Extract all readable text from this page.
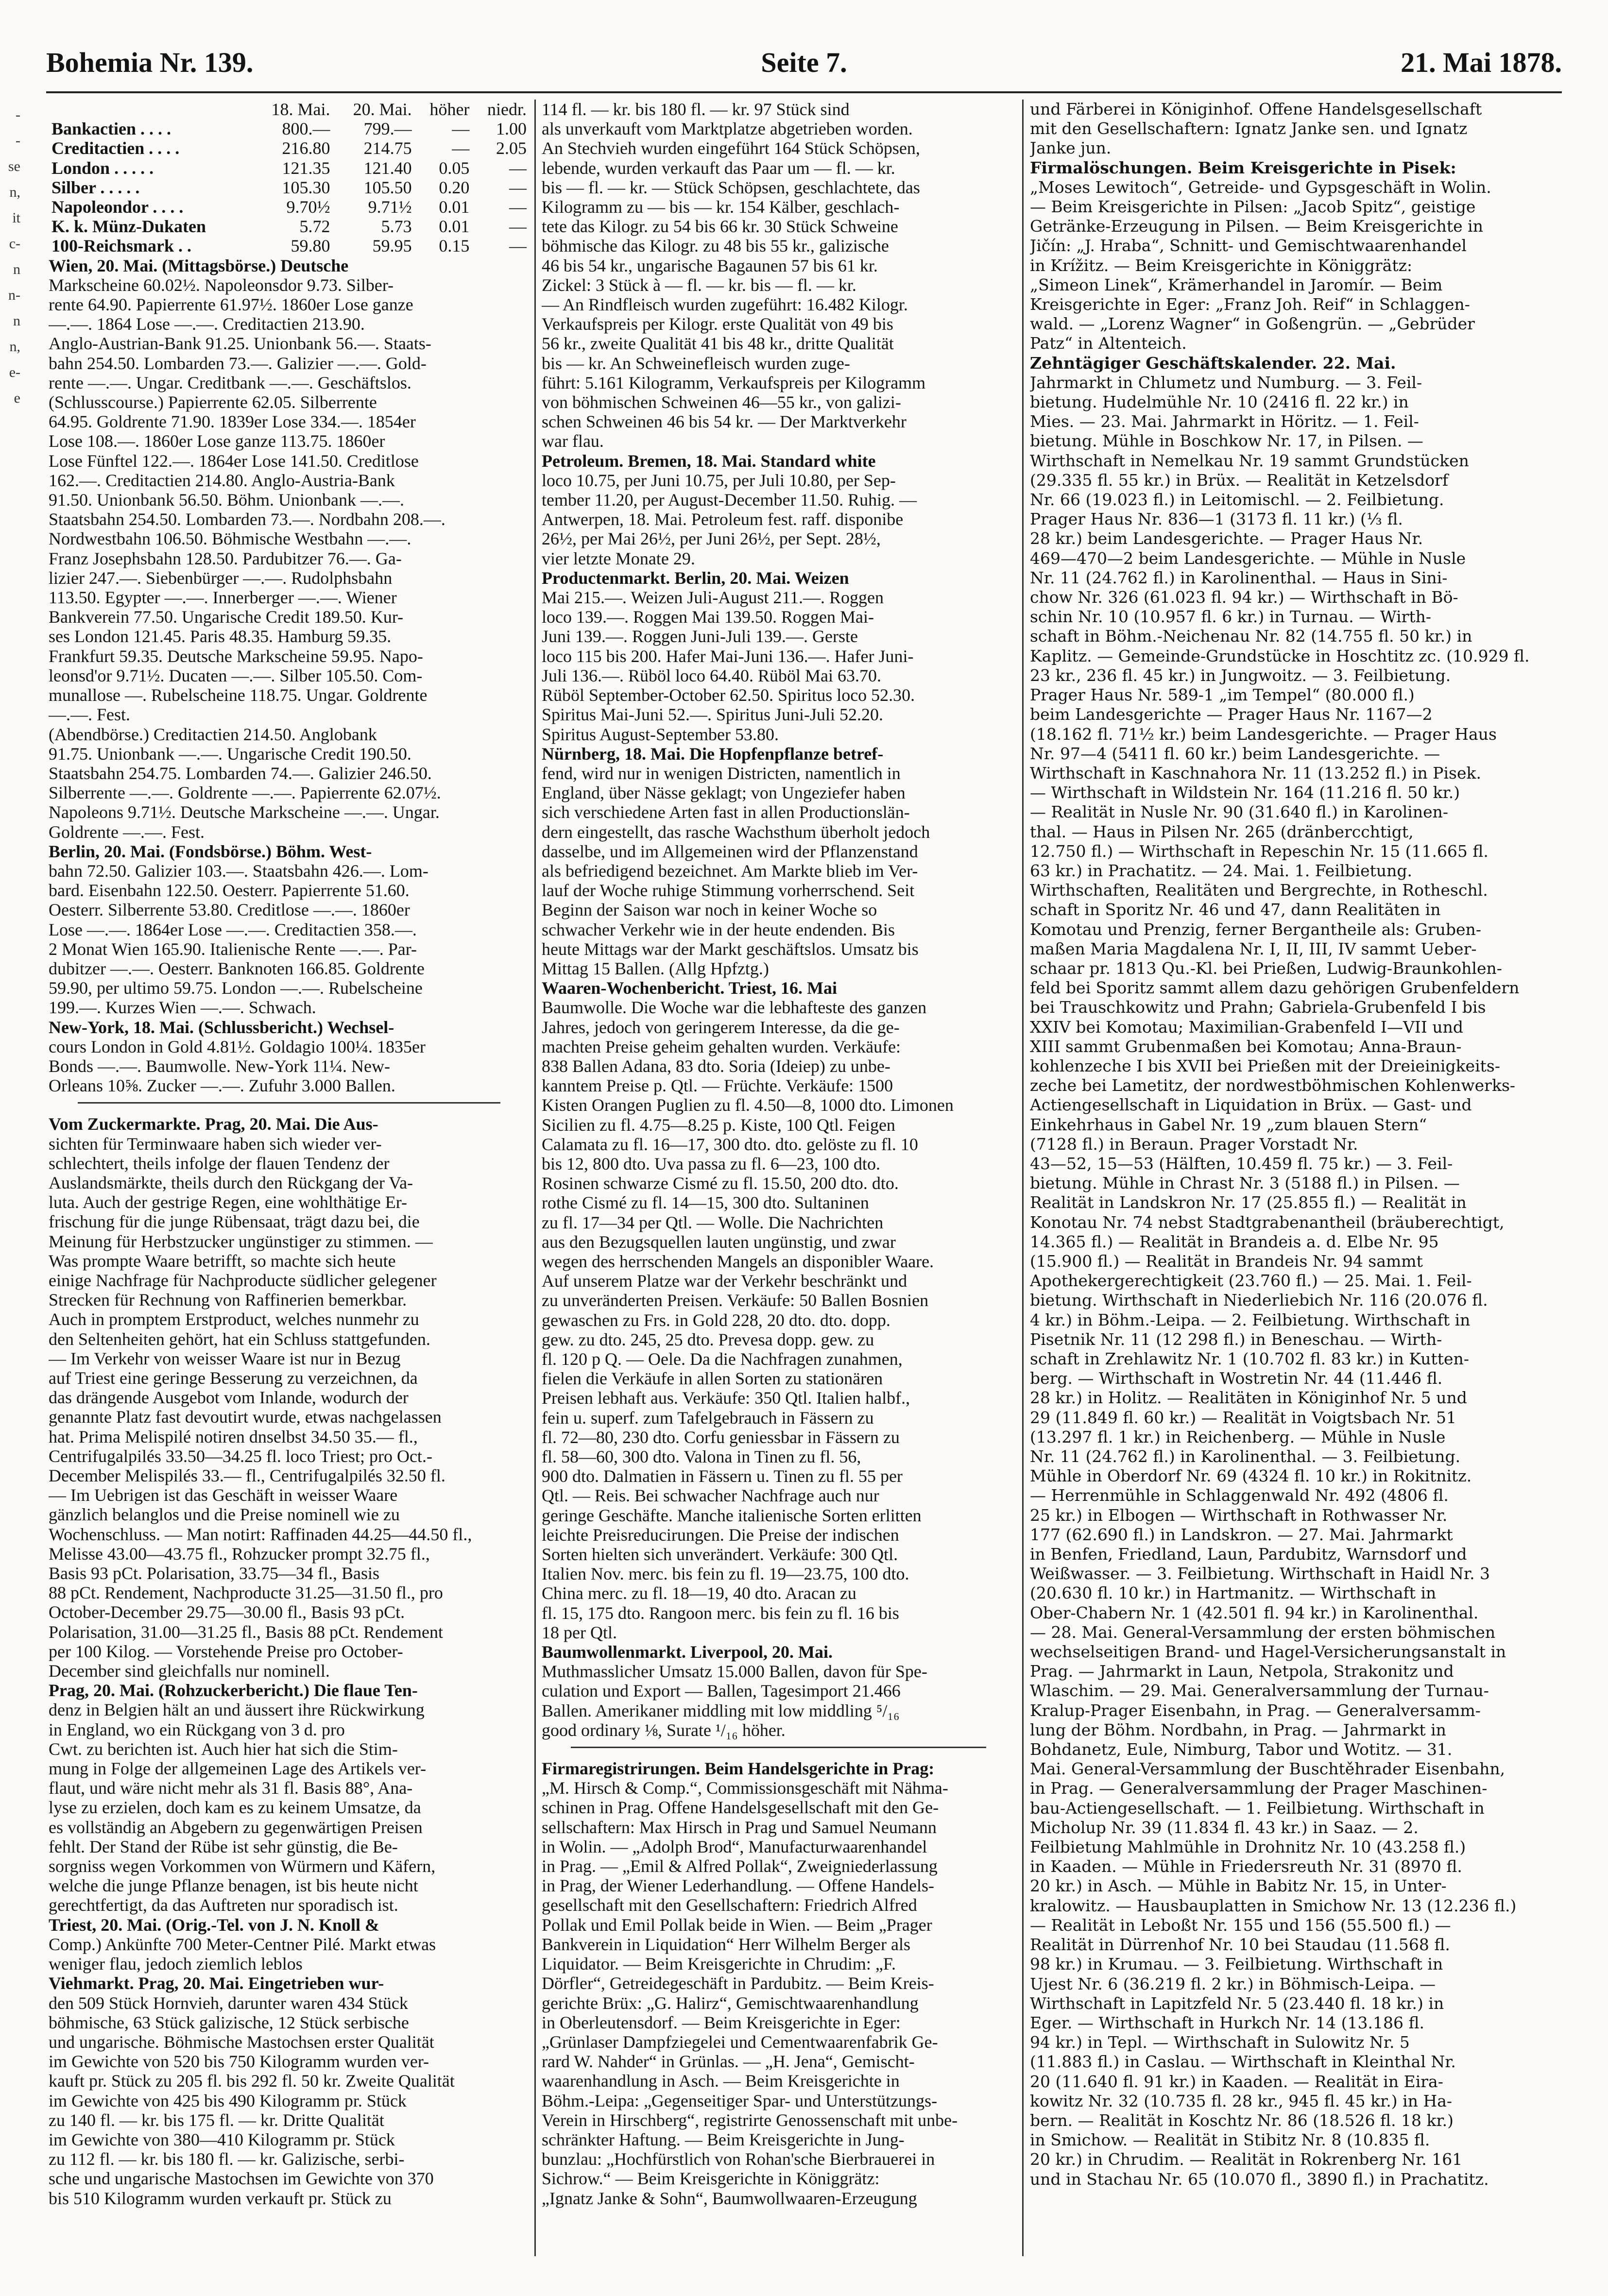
-
-
se
n,
it
c-
n
n-
n
n,
e-
e
Bohemia Nr. 139.	Seite 7.	21. Mai 1878.
	18. Mai.	20. Mai.	höher	niedr.
Bankactien . . . .	800.—	799.—	—	1.00
Creditactien . . . .	216.80	214.75	—	2.05
London . . . . .	121.35	121.40	0.05	—
Silber . . . . .	105.30	105.50	0.20	—
Napoleondor . . . .	9.70½	9.71½	0.01	—
K. k. Münz-Dukaten	5.72	5.73	0.01	—
100-Reichsmark . .	59.80	59.95	0.15	—
Wien, 20. Mai. (Mittagsbörse.) Deutsche
Markscheine 60.02½. Napoleonsdor 9.73. Silber-
rente 64.90. Papierrente 61.97½. 1860er Lose ganze
—.—. 1864 Lose —.—. Creditactien 213.90.
Anglo-Austrian-Bank 91.25. Unionbank 56.—. Staats-
bahn 254.50. Lombarden 73.—. Galizier —.—. Gold-
rente —.—. Ungar. Creditbank —.—. Geschäftslos.
(Schlusscourse.) Papierrente 62.05. Silberrente
64.95. Goldrente 71.90. 1839er Lose 334.—. 1854er
Lose 108.—. 1860er Lose ganze 113.75. 1860er
Lose Fünftel 122.—. 1864er Lose 141.50. Creditlose
162.—. Creditactien 214.80. Anglo-Austria-Bank
91.50. Unionbank 56.50. Böhm. Unionbank —.—.
Staatsbahn 254.50. Lombarden 73.—. Nordbahn 208.—.
Nordwestbahn 106.50. Böhmische Westbahn —.—.
Franz Josephsbahn 128.50. Pardubitzer 76.—. Ga-
lizier 247.—. Siebenbürger —.—. Rudolphsbahn
113.50. Egypter —.—. Innerberger —.—. Wiener
Bankverein 77.50. Ungarische Credit 189.50. Kur-
ses London 121.45. Paris 48.35. Hamburg 59.35.
Frankfurt 59.35. Deutsche Markscheine 59.95. Napo-
leonsd'or 9.71½. Ducaten —.—. Silber 105.50. Com-
munallose —. Rubelscheine 118.75. Ungar. Goldrente
—.—. Fest.
(Abendbörse.) Creditactien 214.50. Anglobank
91.75. Unionbank —.—. Ungarische Credit 190.50.
Staatsbahn 254.75. Lombarden 74.—. Galizier 246.50.
Silberrente —.—. Goldrente —.—. Papierrente 62.07½.
Napoleons 9.71½. Deutsche Markscheine —.—. Ungar.
Goldrente —.—. Fest.
Berlin, 20. Mai. (Fondsbörse.) Böhm. West-
bahn 72.50. Galizier 103.—. Staatsbahn 426.—. Lom-
bard. Eisenbahn 122.50. Oesterr. Papierrente 51.60.
Oesterr. Silberrente 53.80. Creditlose —.—. 1860er
Lose —.—. 1864er Lose —.—. Creditactien 358.—.
2 Monat Wien 165.90. Italienische Rente —.—. Par-
dubitzer —.—. Oesterr. Banknoten 166.85. Goldrente
59.90, per ultimo 59.75. London —.—. Rubelscheine
199.—. Kurzes Wien —.—. Schwach.
New-York, 18. Mai. (Schlussbericht.) Wechsel-
cours London in Gold 4.81½. Goldagio 100¼. 1835er
Bonds —.—. Baumwolle. New-York 11¼. New-
Orleans 10⅝. Zucker —.—. Zufuhr 3.000 Ballen.
Vom Zuckermarkte. Prag, 20. Mai. Die Aus-
sichten für Terminwaare haben sich wieder ver-
schlechtert, theils infolge der flauen Tendenz der
Auslandsmärkte, theils durch den Rückgang der Va-
luta. Auch der gestrige Regen, eine wohlthätige Er-
frischung für die junge Rübensaat, trägt dazu bei, die
Meinung für Herbstzucker ungünstiger zu stimmen. —
Was prompte Waare betrifft, so machte sich heute
einige Nachfrage für Nachproducte südlicher gelegener
Strecken für Rechnung von Raffinerien bemerkbar.
Auch in promptem Erstproduct, welches nunmehr zu
den Seltenheiten gehört, hat ein Schluss stattgefunden.
— Im Verkehr von weisser Waare ist nur in Bezug
auf Triest eine geringe Besserung zu verzeichnen, da
das drängende Ausgebot vom Inlande, wodurch der
genannte Platz fast devoutirt wurde, etwas nachgelassen
hat. Prima Melispilé notiren dnselbst 34.50 35.— fl.,
Centrifugalpilés 33.50—34.25 fl. loco Triest; pro Oct.-
December Melispilés 33.— fl., Centrifugalpilés 32.50 fl.
— Im Uebrigen ist das Geschäft in weisser Waare
gänzlich belanglos und die Preise nominell wie zu
Wochenschluss. — Man notirt: Raffinaden 44.25—44.50 fl.,
Melisse 43.00—43.75 fl., Rohzucker prompt 32.75 fl.,
Basis 93 pCt. Polarisation, 33.75—34 fl., Basis
88 pCt. Rendement, Nachproducte 31.25—31.50 fl., pro
October-December 29.75—30.00 fl., Basis 93 pCt.
Polarisation, 31.00—31.25 fl., Basis 88 pCt. Rendement
per 100 Kilog. — Vorstehende Preise pro October-
December sind gleichfalls nur nominell.
Prag, 20. Mai. (Rohzuckerbericht.) Die flaue Ten-
denz in Belgien hält an und äussert ihre Rückwirkung
in England, wo ein Rückgang von 3 d. pro
Cwt. zu berichten ist. Auch hier hat sich die Stim-
mung in Folge der allgemeinen Lage des Artikels ver-
flaut, und wäre nicht mehr als 31 fl. Basis 88°, Ana-
lyse zu erzielen, doch kam es zu keinem Umsatze, da
es vollständig an Abgebern zu gegenwärtigen Preisen
fehlt. Der Stand der Rübe ist sehr günstig, die Be-
sorgniss wegen Vorkommen von Würmern und Käfern,
welche die junge Pflanze benagen, ist bis heute nicht
gerechtfertigt, da das Auftreten nur sporadisch ist.
Triest, 20. Mai. (Orig.-Tel. von J. N. Knoll &
Comp.) Ankünfte 700 Meter-Centner Pilé. Markt etwas
weniger flau, jedoch ziemlich leblos
Viehmarkt. Prag, 20. Mai. Eingetrieben wur-
den 509 Stück Hornvieh, darunter waren 434 Stück
böhmische, 63 Stück galizische, 12 Stück serbische
und ungarische. Böhmische Mastochsen erster Qualität
im Gewichte von 520 bis 750 Kilogramm wurden ver-
kauft pr. Stück zu 205 fl. bis 292 fl. 50 kr. Zweite Qualität
im Gewichte von 425 bis 490 Kilogramm pr. Stück
zu 140 fl. — kr. bis 175 fl. — kr. Dritte Qualität
im Gewichte von 380—410 Kilogramm pr. Stück
zu 112 fl. — kr. bis 180 fl. — kr. Galizische, serbi-
sche und ungarische Mastochsen im Gewichte von 370
bis 510 Kilogramm wurden verkauft pr. Stück zu
114 fl. — kr. bis 180 fl. — kr. 97 Stück sind
als unverkauft vom Marktplatze abgetrieben worden.
An Stechvieh wurden eingeführt 164 Stück Schöpsen,
lebende, wurden verkauft das Paar um — fl. — kr.
bis — fl. — kr. — Stück Schöpsen, geschlachtete, das
Kilogramm zu — bis — kr. 154 Kälber, geschlach-
tete das Kilogr. zu 54 bis 66 kr. 30 Stück Schweine
böhmische das Kilogr. zu 48 bis 55 kr., galizische
46 bis 54 kr., ungarische Bagaunen 57 bis 61 kr.
Zickel: 3 Stück à — fl. — kr. bis — fl. — kr.
— An Rindfleisch wurden zugeführt: 16.482 Kilogr.
Verkaufspreis per Kilogr. erste Qualität von 49 bis
56 kr., zweite Qualität 41 bis 48 kr., dritte Qualität
bis — kr. An Schweinefleisch wurden zuge-
führt: 5.161 Kilogramm, Verkaufspreis per Kilogramm
von böhmischen Schweinen 46—55 kr., von galizi-
schen Schweinen 46 bis 54 kr. — Der Marktverkehr
war flau.
Petroleum. Bremen, 18. Mai. Standard white
loco 10.75, per Juni 10.75, per Juli 10.80, per Sep-
tember 11.20, per August-December 11.50. Ruhig. —
Antwerpen, 18. Mai. Petroleum fest. raff. disponibe
26½, per Mai 26½, per Juni 26½, per Sept. 28½,
vier letzte Monate 29.
Productenmarkt. Berlin, 20. Mai. Weizen
Mai 215.—. Weizen Juli-August 211.—. Roggen
loco 139.—. Roggen Mai 139.50. Roggen Mai-
Juni 139.—. Roggen Juni-Juli 139.—. Gerste
loco 115 bis 200. Hafer Mai-Juni 136.—. Hafer Juni-
Juli 136.—. Rüböl loco 64.40. Rüböl Mai 63.70.
Rüböl September-October 62.50. Spiritus loco 52.30.
Spiritus Mai-Juni 52.—. Spiritus Juni-Juli 52.20.
Spiritus August-September 53.80.
Nürnberg, 18. Mai. Die Hopfenpflanze betref-
fend, wird nur in wenigen Districten, namentlich in
England, über Nässe geklagt; von Ungeziefer haben
sich verschiedene Arten fast in allen Productionslän-
dern eingestellt, das rasche Wachsthum überholt jedoch
dasselbe, und im Allgemeinen wird der Pflanzenstand
als befriedigend bezeichnet. Am Markte blieb im Ver-
lauf der Woche ruhige Stimmung vorherrschend. Seit
Beginn der Saison war noch in keiner Woche so
schwacher Verkehr wie in der heute endenden. Bis
heute Mittags war der Markt geschäftslos. Umsatz bis
Mittag 15 Ballen. (Allg Hpfztg.)
Waaren-Wochenbericht. Triest, 16. Mai
Baumwolle. Die Woche war die lebhafteste des ganzen
Jahres, jedoch von geringerem Interesse, da die ge-
machten Preise geheim gehalten wurden. Verkäufe:
838 Ballen Adana, 83 dto. Soria (Ideiep) zu unbe-
kanntem Preise p. Qtl. — Früchte. Verkäufe: 1500
Kisten Orangen Puglien zu fl. 4.50—8, 1000 dto. Limonen
Sicilien zu fl. 4.75—8.25 p. Kiste, 100 Qtl. Feigen
Calamata zu fl. 16—17, 300 dto. dto. gelöste zu fl. 10
bis 12, 800 dto. Uva passa zu fl. 6—23, 100 dto.
Rosinen schwarze Cismé zu fl. 15.50, 200 dto. dto.
rothe Cismé zu fl. 14—15, 300 dto. Sultaninen
zu fl. 17—34 per Qtl. — Wolle. Die Nachrichten
aus den Bezugsquellen lauten ungünstig, und zwar
wegen des herrschenden Mangels an disponibler Waare.
Auf unserem Platze war der Verkehr beschränkt und
zu unveränderten Preisen. Verkäufe: 50 Ballen Bosnien
gewaschen zu Frs. in Gold 228, 20 dto. dto. dopp.
gew. zu dto. 245, 25 dto. Prevesa dopp. gew. zu
fl. 120 p Q. — Oele. Da die Nachfragen zunahmen,
fielen die Verkäufe in allen Sorten zu stationären
Preisen lebhaft aus. Verkäufe: 350 Qtl. Italien halbf.,
fein u. superf. zum Tafelgebrauch in Fässern zu
fl. 72—80, 230 dto. Corfu geniessbar in Fässern zu
fl. 58—60, 300 dto. Valona in Tinen zu fl. 56,
900 dto. Dalmatien in Fässern u. Tinen zu fl. 55 per
Qtl. — Reis. Bei schwacher Nachfrage auch nur
geringe Geschäfte. Manche italienische Sorten erlitten
leichte Preisreducirungen. Die Preise der indischen
Sorten hielten sich unverändert. Verkäufe: 300 Qtl.
Italien Nov. merc. bis fein zu fl. 19—23.75, 100 dto.
China merc. zu fl. 18—19, 40 dto. Aracan zu
fl. 15, 175 dto. Rangoon merc. bis fein zu fl. 16 bis
18 per Qtl.
Baumwollenmarkt. Liverpool, 20. Mai.
Muthmasslicher Umsatz 15.000 Ballen, davon für Spe-
culation und Export — Ballen, Tagesimport 21.466
Ballen. Amerikaner middling mit low middling ⁵/₁₆
good ordinary ⅛, Surate ¹/₁₆ höher.
Firmaregistrirungen. Beim Handelsgerichte in Prag:
„M. Hirsch & Comp.“, Commissionsgeschäft mit Nähma-
schinen in Prag. Offene Handelsgesellschaft mit den Ge-
sellschaftern: Max Hirsch in Prag und Samuel Neumann
in Wolin. — „Adolph Brod“, Manufacturwaarenhandel
in Prag. — „Emil & Alfred Pollak“, Zweigniederlassung
in Prag, der Wiener Lederhandlung. — Offene Handels-
gesellschaft mit den Gesellschaftern: Friedrich Alfred
Pollak und Emil Pollak beide in Wien. — Beim „Prager
Bankverein in Liquidation“ Herr Wilhelm Berger als
Liquidator. — Beim Kreisgerichte in Chrudim: „F.
Dörfler“, Getreidegeschäft in Pardubitz. — Beim Kreis-
gerichte Brüx: „G. Halirz“, Gemischtwaarenhandlung
in Oberleutensdorf. — Beim Kreisgerichte in Eger:
„Grünlaser Dampfziegelei und Cementwaarenfabrik Ge-
rard W. Nahder“ in Grünlas. — „H. Jena“, Gemischt-
waarenhandlung in Asch. — Beim Kreisgerichte in
Böhm.-Leipa: „Gegenseitiger Spar- und Unterstützungs-
Verein in Hirschberg“, registrirte Genossenschaft mit unbe-
schränkter Haftung. — Beim Kreisgerichte in Jung-
bunzlau: „Hochfürstlich von Rohan'sche Bierbrauerei in
Sichrow.“ — Beim Kreisgerichte in Königgrätz:
„Ignatz Janke & Sohn“, Baumwollwaaren-Erzeugung
und Färberei in Königinhof. Offene Handelsgesellschaft
mit den Gesellschaftern: Ignatz Janke sen. und Ignatz
Janke jun.
Firmalöschungen. Beim Kreisgerichte in Pisek:
„Moses Lewitoch“, Getreide- und Gypsgeschäft in Wolin.
— Beim Kreisgerichte in Pilsen: „Jacob Spitz“, geistige
Getränke-Erzeugung in Pilsen. — Beim Kreisgerichte in
Jičín: „J. Hraba“, Schnitt- und Gemischtwaarenhandel
in Krížitz. — Beim Kreisgerichte in Königgrätz:
„Simeon Linek“, Krämerhandel in Jaromír. — Beim
Kreisgerichte in Eger: „Franz Joh. Reif“ in Schlaggen-
wald. — „Lorenz Wagner“ in Goßengrün. — „Gebrüder
Patz“ in Altenteich.
Zehntägiger Geschäftskalender. 22. Mai.
Jahrmarkt in Chlumetz und Numburg. — 3. Feil-
bietung. Hudelmühle Nr. 10 (2416 fl. 22 kr.) in
Mies. — 23. Mai. Jahrmarkt in Höritz. — 1. Feil-
bietung. Mühle in Boschkow Nr. 17, in Pilsen. —
Wirthschaft in Nemelkau Nr. 19 sammt Grundstücken
(29.335 fl. 55 kr.) in Brüx. — Realität in Ketzelsdorf
Nr. 66 (19.023 fl.) in Leitomischl. — 2. Feilbietung.
Prager Haus Nr. 836—1 (3173 fl. 11 kr.) (⅓ fl.
28 kr.) beim Landesgerichte. — Prager Haus Nr.
469—470—2 beim Landesgerichte. — Mühle in Nusle
Nr. 11 (24.762 fl.) in Karolinenthal. — Haus in Sini-
chow Nr. 326 (61.023 fl. 94 kr.) — Wirthschaft in Bö-
schin Nr. 10 (10.957 fl. 6 kr.) in Turnau. — Wirth-
schaft in Böhm.-Neichenau Nr. 82 (14.755 fl. 50 kr.) in
Kaplitz. — Gemeinde-Grundstücke in Hoschtitz zc. (10.929 fl.
23 kr., 236 fl. 45 kr.) in Jungwoitz. — 3. Feilbietung.
Prager Haus Nr. 589-1 „im Tempel“ (80.000 fl.)
beim Landesgerichte — Prager Haus Nr. 1167—2
(18.162 fl. 71½ kr.) beim Landesgerichte. — Prager Haus
Nr. 97—4 (5411 fl. 60 kr.) beim Landesgerichte. —
Wirthschaft in Kaschnahora Nr. 11 (13.252 fl.) in Pisek.
— Wirthschaft in Wildstein Nr. 164 (11.216 fl. 50 kr.)
— Realität in Nusle Nr. 90 (31.640 fl.) in Karolinen-
thal. — Haus in Pilsen Nr. 265 (dränbercchtigt,
12.750 fl.) — Wirthschaft in Repeschin Nr. 15 (11.665 fl.
63 kr.) in Prachatitz. — 24. Mai. 1. Feilbietung.
Wirthschaften, Realitäten und Bergrechte, in Rotheschl.
schaft in Sporitz Nr. 46 und 47, dann Realitäten in
Komotau und Prenzig, ferner Bergantheile als: Gruben-
maßen Maria Magdalena Nr. I, II, III, IV sammt Ueber-
schaar pr. 1813 Qu.-Kl. bei Prießen, Ludwig-Braunkohlen-
feld bei Sporitz sammt allem dazu gehörigen Grubenfeldern
bei Trauschkowitz und Prahn; Gabriela-Grubenfeld I bis
XXIV bei Komotau; Maximilian-Grabenfeld I—VII und
XIII sammt Grubenmaßen bei Komotau; Anna-Braun-
kohlenzeche I bis XVII bei Prießen mit der Dreieinigkeits-
zeche bei Lametitz, der nordwestböhmischen Kohlenwerks-
Actiengesellschaft in Liquidation in Brüx. — Gast- und
Einkehrhaus in Gabel Nr. 19 „zum blauen Stern“
(7128 fl.) in Beraun. Prager Vorstadt Nr.
43—52, 15—53 (Hälften, 10.459 fl. 75 kr.) — 3. Feil-
bietung. Mühle in Chrast Nr. 3 (5188 fl.) in Pilsen. —
Realität in Landskron Nr. 17 (25.855 fl.) — Realität in
Konotau Nr. 74 nebst Stadtgrabenantheil (bräuberechtigt,
14.365 fl.) — Realität in Brandeis a. d. Elbe Nr. 95
(15.900 fl.) — Realität in Brandeis Nr. 94 sammt
Apothekergerechtigkeit (23.760 fl.) — 25. Mai. 1. Feil-
bietung. Wirthschaft in Niederliebich Nr. 116 (20.076 fl.
4 kr.) in Böhm.-Leipa. — 2. Feilbietung. Wirthschaft in
Pisetnik Nr. 11 (12 298 fl.) in Beneschau. — Wirth-
schaft in Zrehlawitz Nr. 1 (10.702 fl. 83 kr.) in Kutten-
berg. — Wirthschaft in Wostretin Nr. 44 (11.446 fl.
28 kr.) in Holitz. — Realitäten in Königinhof Nr. 5 und
29 (11.849 fl. 60 kr.) — Realität in Voigtsbach Nr. 51
(13.297 fl. 1 kr.) in Reichenberg. — Mühle in Nusle
Nr. 11 (24.762 fl.) in Karolinenthal. — 3. Feilbietung.
Mühle in Oberdorf Nr. 69 (4324 fl. 10 kr.) in Rokitnitz.
— Herrenmühle in Schlaggenwald Nr. 492 (4806 fl.
25 kr.) in Elbogen — Wirthschaft in Rothwasser Nr.
177 (62.690 fl.) in Landskron. — 27. Mai. Jahrmarkt
in Benfen, Friedland, Laun, Pardubitz, Warnsdorf und
Weißwasser. — 3. Feilbietung. Wirthschaft in Haidl Nr. 3
(20.630 fl. 10 kr.) in Hartmanitz. — Wirthschaft in
Ober-Chabern Nr. 1 (42.501 fl. 94 kr.) in Karolinenthal.
— 28. Mai. General-Versammlung der ersten böhmischen
wechselseitigen Brand- und Hagel-Versicherungsanstalt in
Prag. — Jahrmarkt in Laun, Netpola, Strakonitz und
Wlaschim. — 29. Mai. Generalversammlung der Turnau-
Kralup-Prager Eisenbahn, in Prag. — Generalversamm-
lung der Böhm. Nordbahn, in Prag. — Jahrmarkt in
Bohdanetz, Eule, Nimburg, Tabor und Wotitz. — 31.
Mai. General-Versammlung der Buschtěhrader Eisenbahn,
in Prag. — Generalversammlung der Prager Maschinen-
bau-Actiengesellschaft. — 1. Feilbietung. Wirthschaft in
Micholup Nr. 39 (11.834 fl. 43 kr.) in Saaz. — 2.
Feilbietung Mahlmühle in Drohnitz Nr. 10 (43.258 fl.)
in Kaaden. — Mühle in Friedersreuth Nr. 31 (8970 fl.
20 kr.) in Asch. — Mühle in Babitz Nr. 15, in Unter-
kralowitz. — Hausbauplatten in Smichow Nr. 13 (12.236 fl.)
— Realität in Leboßt Nr. 155 und 156 (55.500 fl.) —
Realität in Dürrenhof Nr. 10 bei Staudau (11.568 fl.
98 kr.) in Krumau. — 3. Feilbietung. Wirthschaft in
Ujest Nr. 6 (36.219 fl. 2 kr.) in Böhmisch-Leipa. —
Wirthschaft in Lapitzfeld Nr. 5 (23.440 fl. 18 kr.) in
Eger. — Wirthschaft in Hurkch Nr. 14 (13.186 fl.
94 kr.) in Tepl. — Wirthschaft in Sulowitz Nr. 5
(11.883 fl.) in Caslau. — Wirthschaft in Kleinthal Nr.
20 (11.640 fl. 91 kr.) in Kaaden. — Realität in Eira-
kowitz Nr. 32 (10.735 fl. 28 kr., 945 fl. 45 kr.) in Ha-
bern. — Realität in Koschtz Nr. 86 (18.526 fl. 18 kr.)
in Smichow. — Realität in Stibitz Nr. 8 (10.835 fl.
20 kr.) in Chrudim. — Realität in Rokrenberg Nr. 161
und in Stachau Nr. 65 (10.070 fl., 3890 fl.) in Prachatitz.
